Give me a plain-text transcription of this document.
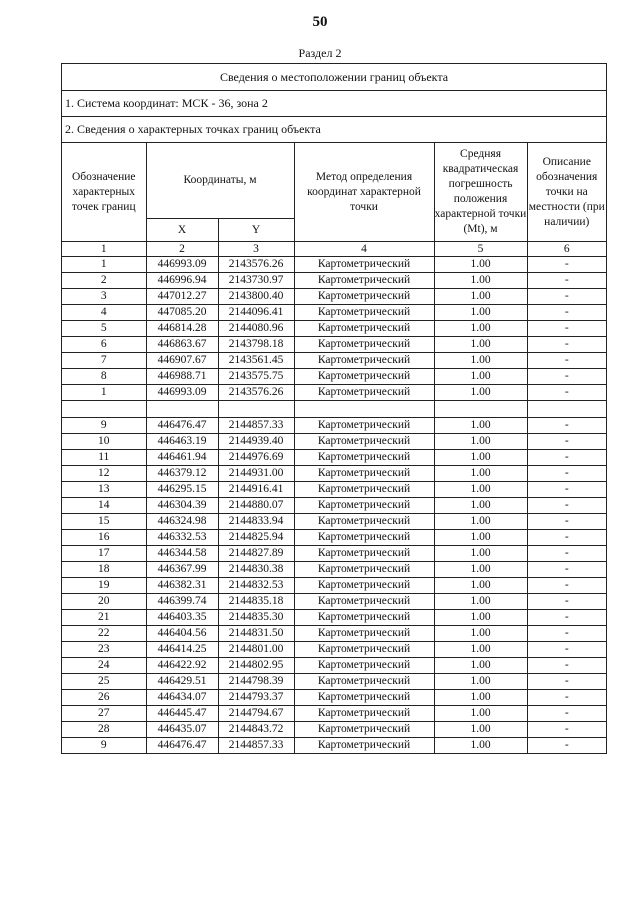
50
Раздел 2
Сведения о местоположении границ объекта
1. Система координат: МСК - 36, зона 2
2. Сведения о характерных точках границ объекта
Обозначение характерных точек границ	Координаты, м		Метод определения координат характерной точки	Средняя квадратическая погрешность положения характерной точки (Mt), м	Описание обозначения точки на местности (при наличии)
	X	Y			
1	2	3	4	5	6
1	446993.09	2143576.26	Картометрический	1.00	-
2	446996.94	2143730.97	Картометрический	1.00	-
3	447012.27	2143800.40	Картометрический	1.00	-
4	447085.20	2144096.41	Картометрический	1.00	-
5	446814.28	2144080.96	Картометрический	1.00	-
6	446863.67	2143798.18	Картометрический	1.00	-
7	446907.67	2143561.45	Картометрический	1.00	-
8	446988.71	2143575.75	Картометрический	1.00	-
1	446993.09	2143576.26	Картометрический	1.00	-

9	446476.47	2144857.33	Картометрический	1.00	-
10	446463.19	2144939.40	Картометрический	1.00	-
11	446461.94	2144976.69	Картометрический	1.00	-
12	446379.12	2144931.00	Картометрический	1.00	-
13	446295.15	2144916.41	Картометрический	1.00	-
14	446304.39	2144880.07	Картометрический	1.00	-
15	446324.98	2144833.94	Картометрический	1.00	-
16	446332.53	2144825.94	Картометрический	1.00	-
17	446344.58	2144827.89	Картометрический	1.00	-
18	446367.99	2144830.38	Картометрический	1.00	-
19	446382.31	2144832.53	Картометрический	1.00	-
20	446399.74	2144835.18	Картометрический	1.00	-
21	446403.35	2144835.30	Картометрический	1.00	-
22	446404.56	2144831.50	Картометрический	1.00	-
23	446414.25	2144801.00	Картометрический	1.00	-
24	446422.92	2144802.95	Картометрический	1.00	-
25	446429.51	2144798.39	Картометрический	1.00	-
26	446434.07	2144793.37	Картометрический	1.00	-
27	446445.47	2144794.67	Картометрический	1.00	-
28	446435.07	2144843.72	Картометрический	1.00	-
9	446476.47	2144857.33	Картометрический	1.00	-
